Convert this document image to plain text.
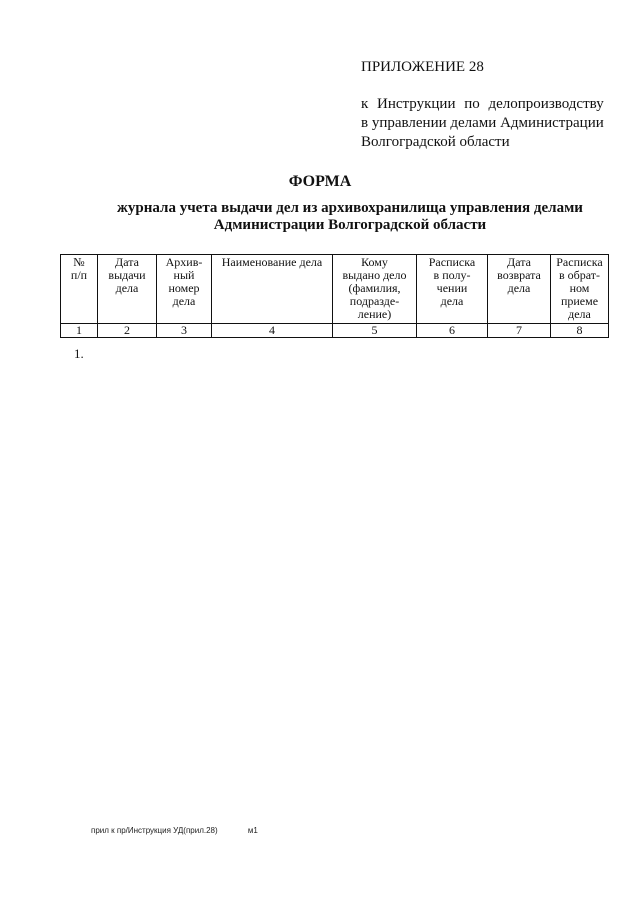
ПРИЛОЖЕНИЕ 28
к Инструкции по делопроизводству
в управлении делами Администрации
Волгоградской области
ФОРМА
журнала учета выдачи дел из архивохранилища управления делами
Администрации Волгоградской области
№
п/п	Дата
выдачи
дела	Архив-
ный
номер
дела	Наименование дела	Кому
выдано дело
(фамилия,
подразде-
ление)	Расписка
в полу-
чении
дела	Дата
возврата
дела	Расписка
в обрат-
ном
приеме
дела

1	2	3	4	5	6	7	8
1.
прил к пр/Инструкция УД(прил.28)	м1
